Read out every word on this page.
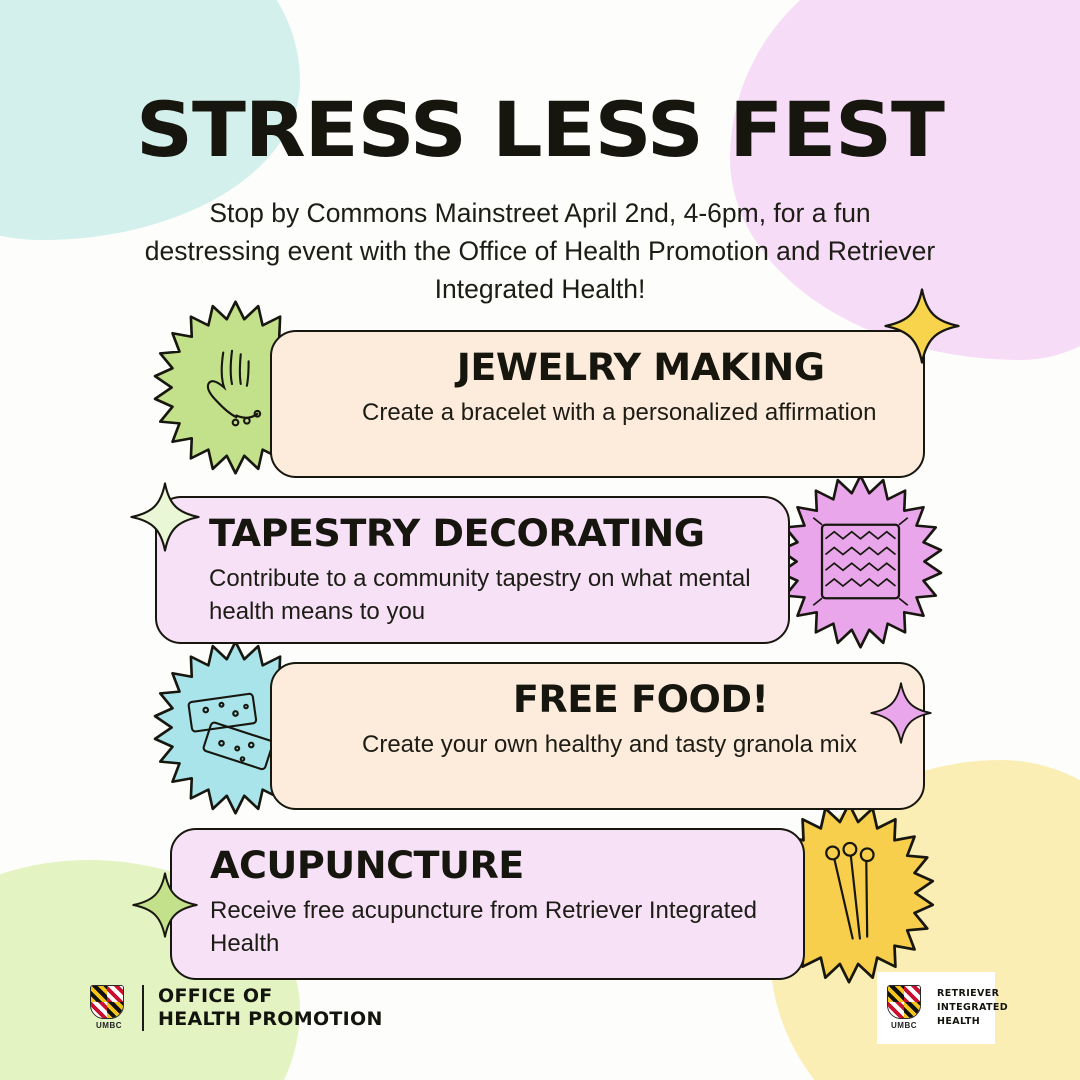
STRESS LESS FEST
Stop by Commons Mainstreet April 2nd, 4-6pm, for a fun destressing event with the Office of Health Promotion and Retriever Integrated Health!
JEWELRY MAKING
Create a bracelet with a personalized affirmation
TAPESTRY DECORATING
Contribute to a community tapestry on what mental health means to you
FREE FOOD!
Create your own healthy and tasty granola mix
ACUPUNCTURE
Receive free acupuncture from Retriever Integrated Health
UMBC
OFFICE OF
HEALTH PROMOTION	UMBC
RETRIEVER
INTEGRATED
HEALTH
